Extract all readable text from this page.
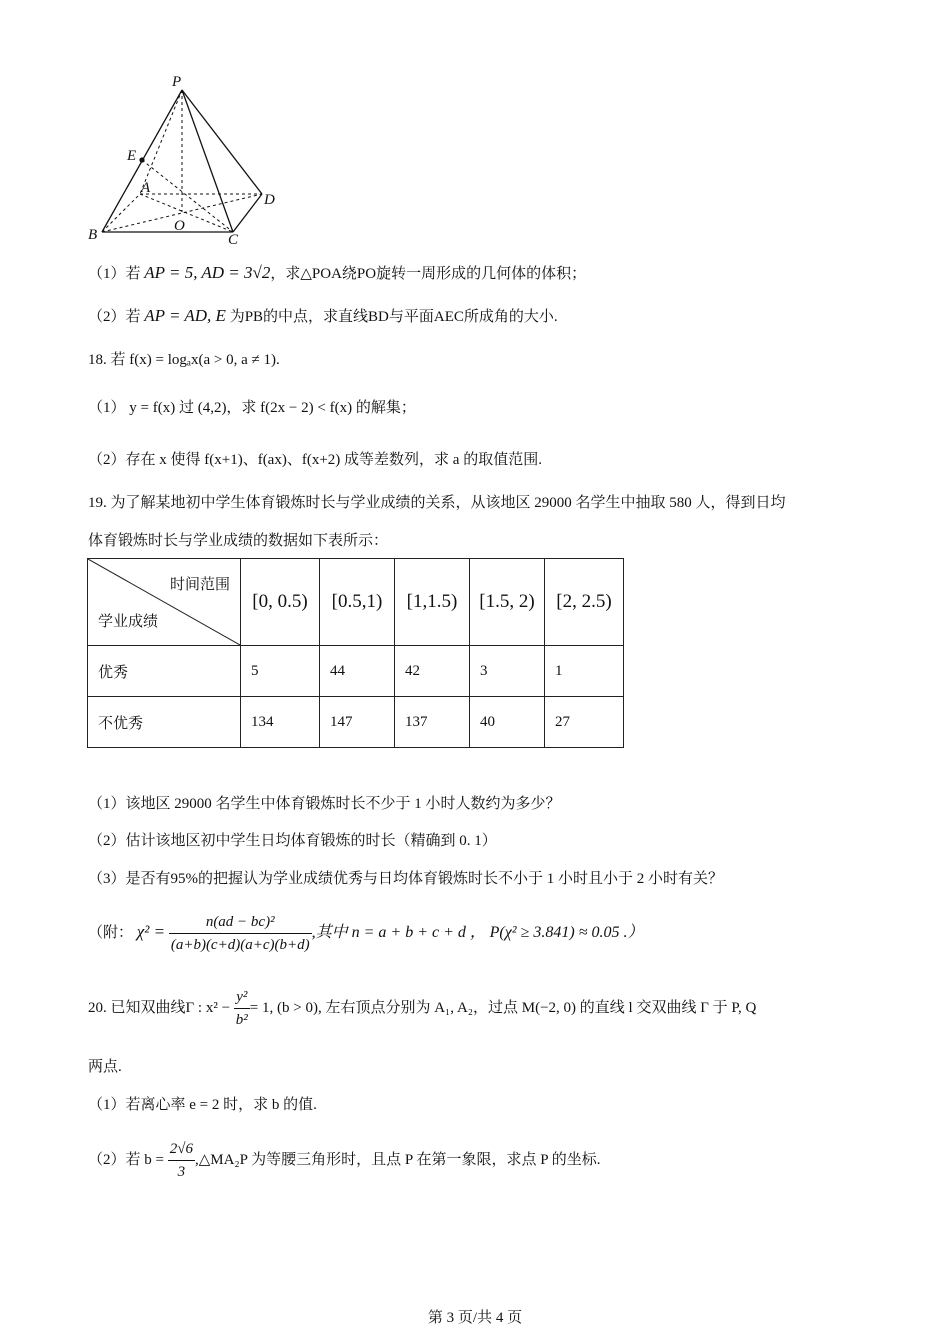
P
E
A
D
B
O
C
（1）若 AP = 5, AD = 3√2，求△POA绕PO旋转一周形成的几何体的体积；
（2）若 AP = AD, E 为PB的中点，求直线BD与平面AEC所成角的大小.
18. 若 f(x) = logₐx(a > 0, a ≠ 1).
（1） y = f(x) 过 (4,2)，求 f(2x − 2) < f(x) 的解集；
（2）存在 x 使得 f(x+1)、f(ax)、f(x+2) 成等差数列，求 a 的取值范围.
19. 为了解某地初中学生体育锻炼时长与学业成绩的关系，从该地区 29000 名学生中抽取 580 人，得到日均
体育锻炼时长与学业成绩的数据如下表所示：
时间范围
学业成绩	[0, 0.5)	[0.5,1)	[1,1.5)	[1.5, 2)	[2, 2.5)
优秀	5	44	42	3	1
不优秀	134	147	137	40	27
（1）该地区 29000 名学生中体育锻炼时长不少于 1 小时人数约为多少？
（2）估计该地区初中学生日均体育锻炼的时长（精确到 0. 1）
（3）是否有95%的把握认为学业成绩优秀与日均体育锻炼时长不小于 1 小时且小于 2 小时有关？
（附： $\chi^2 = \frac{\text{n(ad − bc)²}}{(a+b)(c+d)(a+c)(b+d)}$ ,其中 n = a + b + c + d ， P(χ² ≥ 3.841) ≈ 0.05 .）
20. 已知双曲线Γ : $x^2 - \frac{\text{y²}}{\text{b²}} = 1$, (b > 0), 左右顶点分别为 A₁, A₂，过点 M(−2, 0) 的直线 l 交双曲线 Γ 于 P, Q
两点.
（1）若离心率 e = 2 时，求 b 的值.
（2）若 $b = \frac{2√6}{3}$ ,△MA₂P 为等腰三角形时，且点 P 在第一象限，求点 P 的坐标.
第 3 页/共 4 页
